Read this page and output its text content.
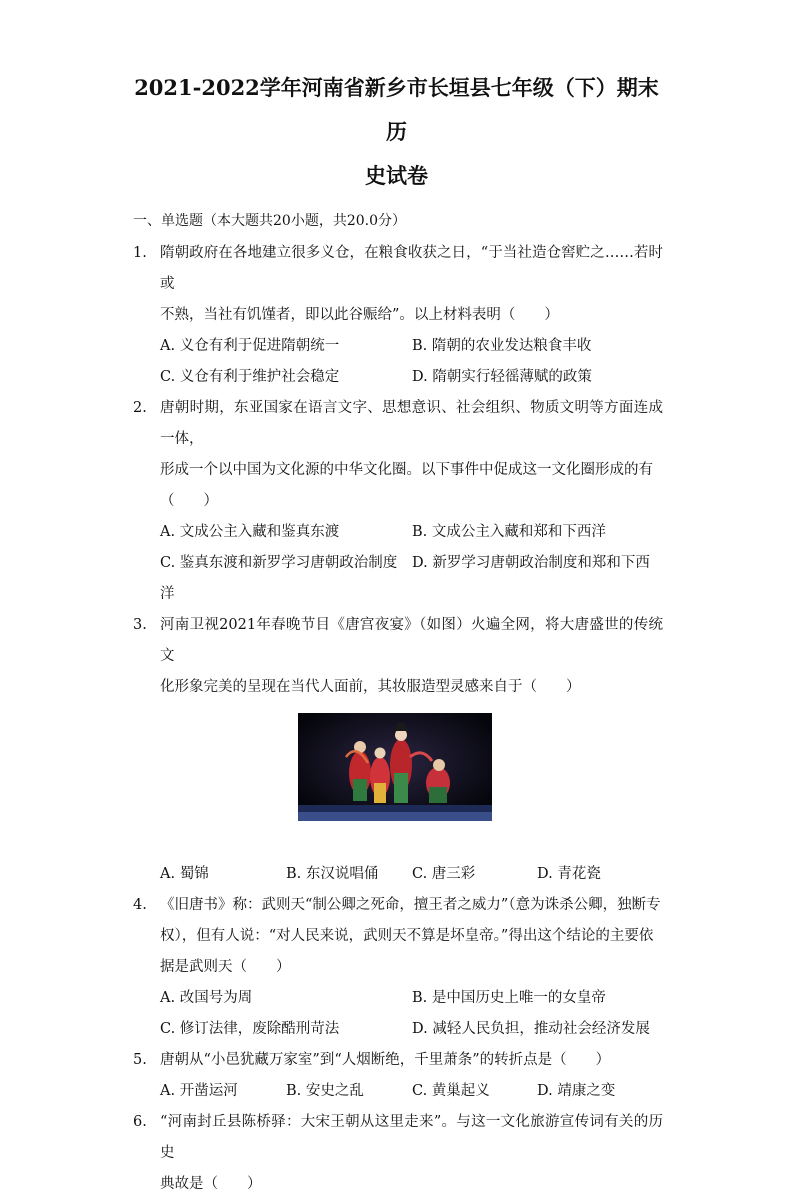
2021-2022学年河南省新乡市长垣县七年级（下）期末历
史试卷
一、单选题（本大题共20小题，共20.0分）
1. 隋朝政府在各地建立很多义仓，在粮食收获之日，“于当社造仓窖贮之……若时或
不熟，当社有饥馑者，即以此谷赈给”。以上材料表明（　　）

A. 义仓有利于促进隋朝统一	B. 隋朝的农业发达粮食丰收
C. 义仓有利于维护社会稳定	D. 隋朝实行轻徭薄赋的政策
2. 唐朝时期，东亚国家在语言文字、思想意识、社会组织、物质文明等方面连成一体，
形成一个以中国为文化源的中华文化圈。以下事件中促成这一文化圈形成的有
（　　）

A. 文成公主入藏和鉴真东渡	B. 文成公主入藏和郑和下西洋
C. 鉴真东渡和新罗学习唐朝政治制度	D. 新罗学习唐朝政治制度和郑和下西
洋
3. 河南卫视2021年春晚节目《唐宫夜宴》（如图）火遍全网，将大唐盛世的传统文
化形象完美的呈现在当代人面前，其妆服造型灵感来自于（　　）

A. 蜀锦	B. 东汉说唱俑	C. 唐三彩	D. 青花瓷
4. 《旧唐书》称：武则天“制公卿之死命，擅王者之威力”（意为诛杀公卿，独断专
权），但有人说：“对人民来说，武则天不算是坏皇帝。”得出这个结论的主要依
据是武则天（　　）

A. 改国号为周	B. 是中国历史上唯一的女皇帝
C. 修订法律，废除酷刑苛法	D. 减轻人民负担，推动社会经济发展
5. 唐朝从“小邑犹藏万家室”到“人烟断绝，千里萧条”的转折点是（　　）

A. 开凿运河	B. 安史之乱	C. 黄巢起义	D. 靖康之变
6. “河南封丘县陈桥驿：大宋王朝从这里走来”。与这一文化旅游宣传词有关的历史
典故是（　　）
